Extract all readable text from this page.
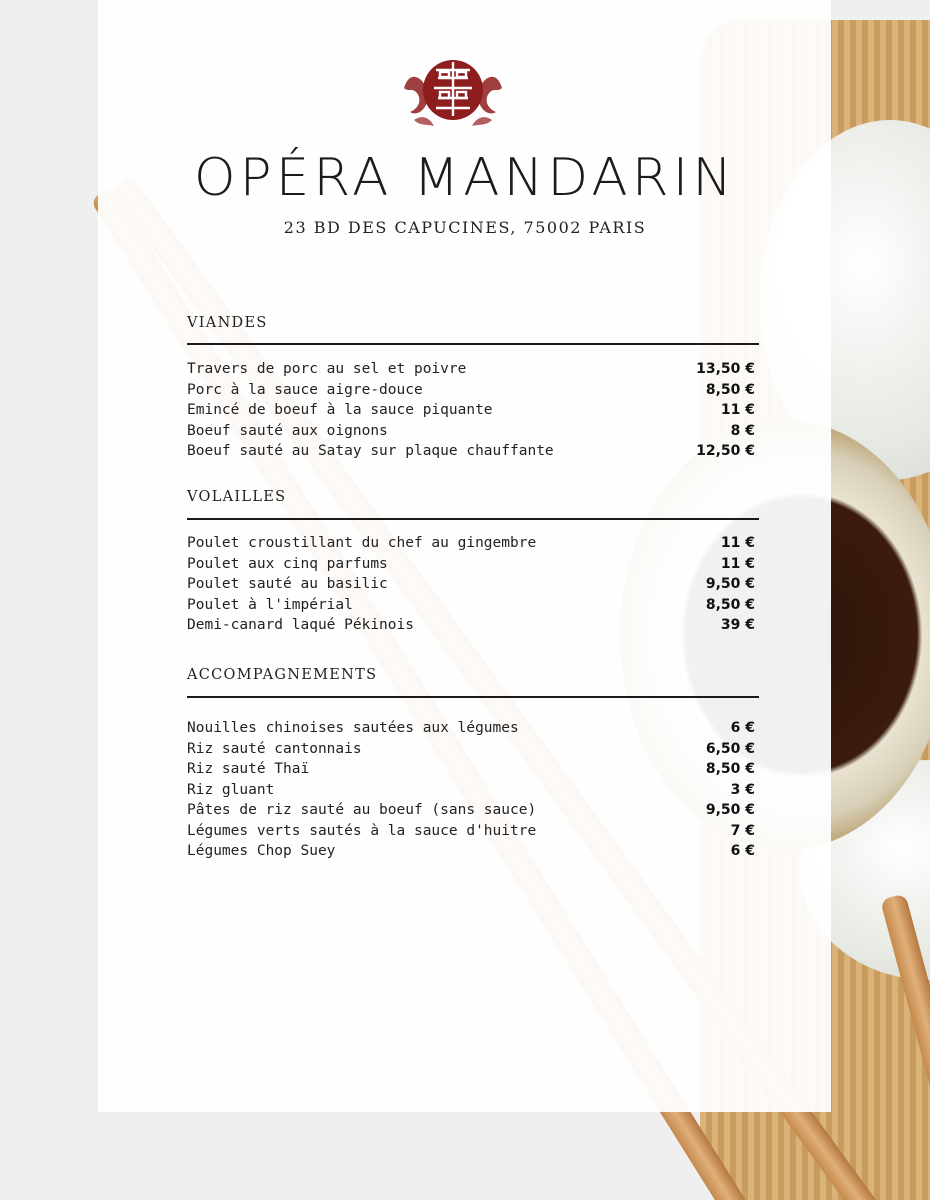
OPÉRA MANDARIN
23 BD DES CAPUCINES, 75002 PARIS
VIANDES
Travers de porc au sel et poivre	13,50 €
Porc à la sauce aigre-douce	8,50 €
Emincé de boeuf à la sauce piquante	11 €
Boeuf sauté aux oignons	8 €
Boeuf sauté au Satay sur plaque chauffante	12,50 €
VOLAILLES
Poulet croustillant du chef au gingembre	11 €
Poulet aux cinq parfums	11 €
Poulet sauté au basilic	9,50 €
Poulet à l'impérial	8,50 €
Demi-canard laqué Pékinois	39 €
ACCOMPAGNEMENTS
Nouilles chinoises sautées aux légumes	6 €
Riz sauté cantonnais	6,50 €
Riz sauté Thaï	8,50 €
Riz gluant	3 €
Pâtes de riz sauté au boeuf (sans sauce)	9,50 €
Légumes verts sautés à la sauce d'huitre	7 €
Légumes Chop Suey	6 €
